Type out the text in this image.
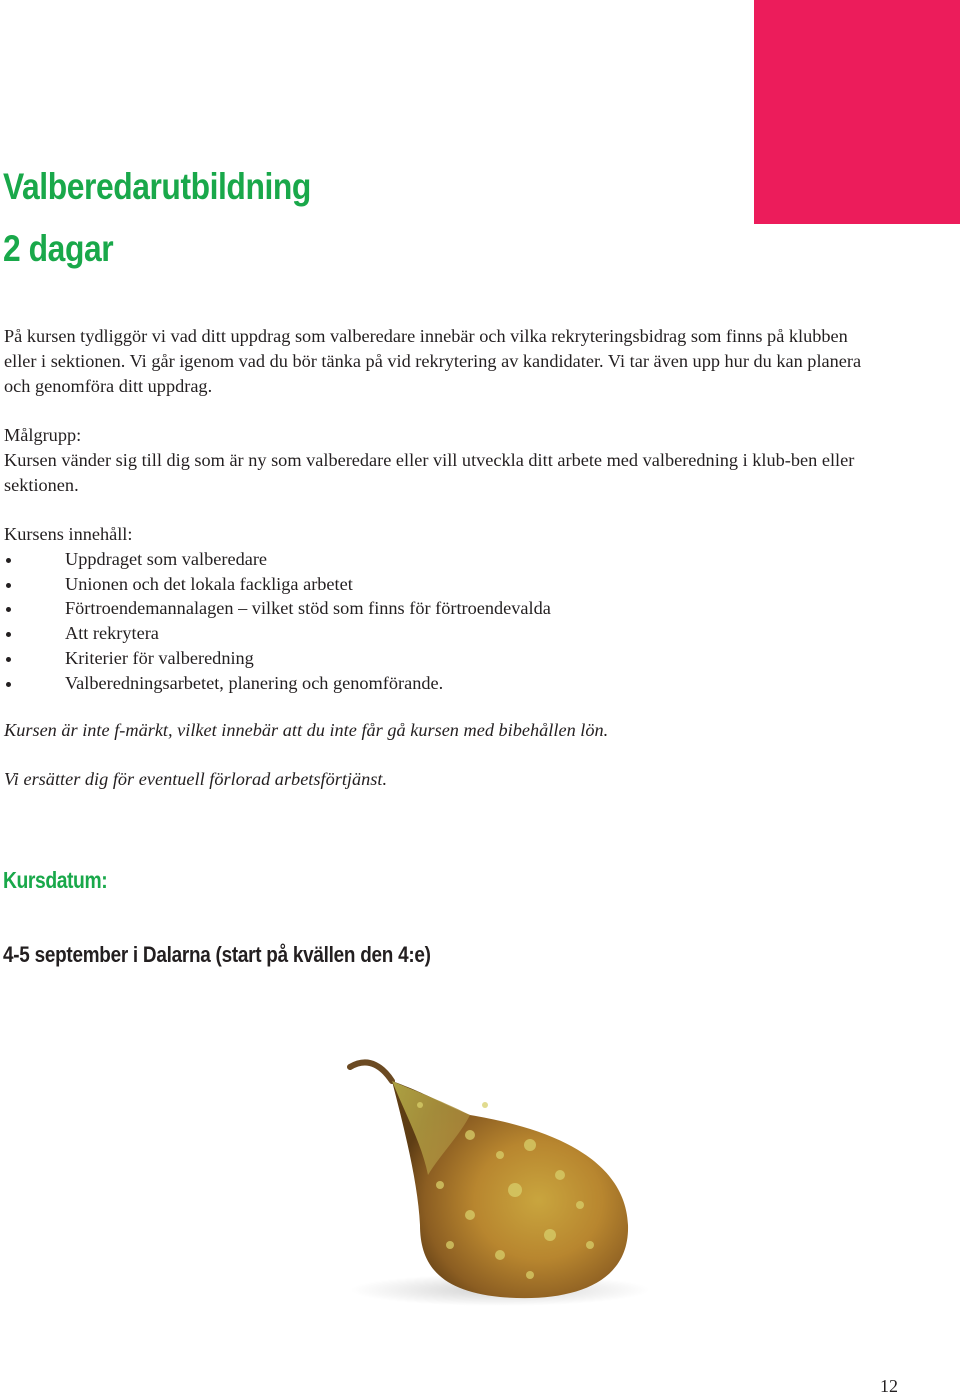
Valberedarutbildning
2 dagar

På kursen tydliggör vi vad ditt uppdrag som valberedare innebär och vilka rekryteringsbidrag som finns på klubben eller i sektionen. Vi går igenom vad du bör tänka på vid rekrytering av kandidater. Vi tar även upp hur du kan planera och genomföra ditt uppdrag.

Målgrupp:
Kursen vänder sig till dig som är ny som valberedare eller vill utveckla ditt arbete med valberedning i klub-ben eller sektionen.
Kursens innehåll:
Uppdraget som valberedare
Unionen och det lokala fackliga arbetet
Förtroendemannalagen – vilket stöd som finns för förtroendevalda
Att rekrytera
Kriterier för valberedning
Valberedningsarbetet, planering och genomförande.

Kursen är inte f-märkt, vilket innebär att du inte får gå kursen med bibehållen lön.

Vi ersätter dig för eventuell förlorad arbetsförtjänst.

Kursdatum:
4-5 september i Dalarna (start på kvällen den 4:e)
12
